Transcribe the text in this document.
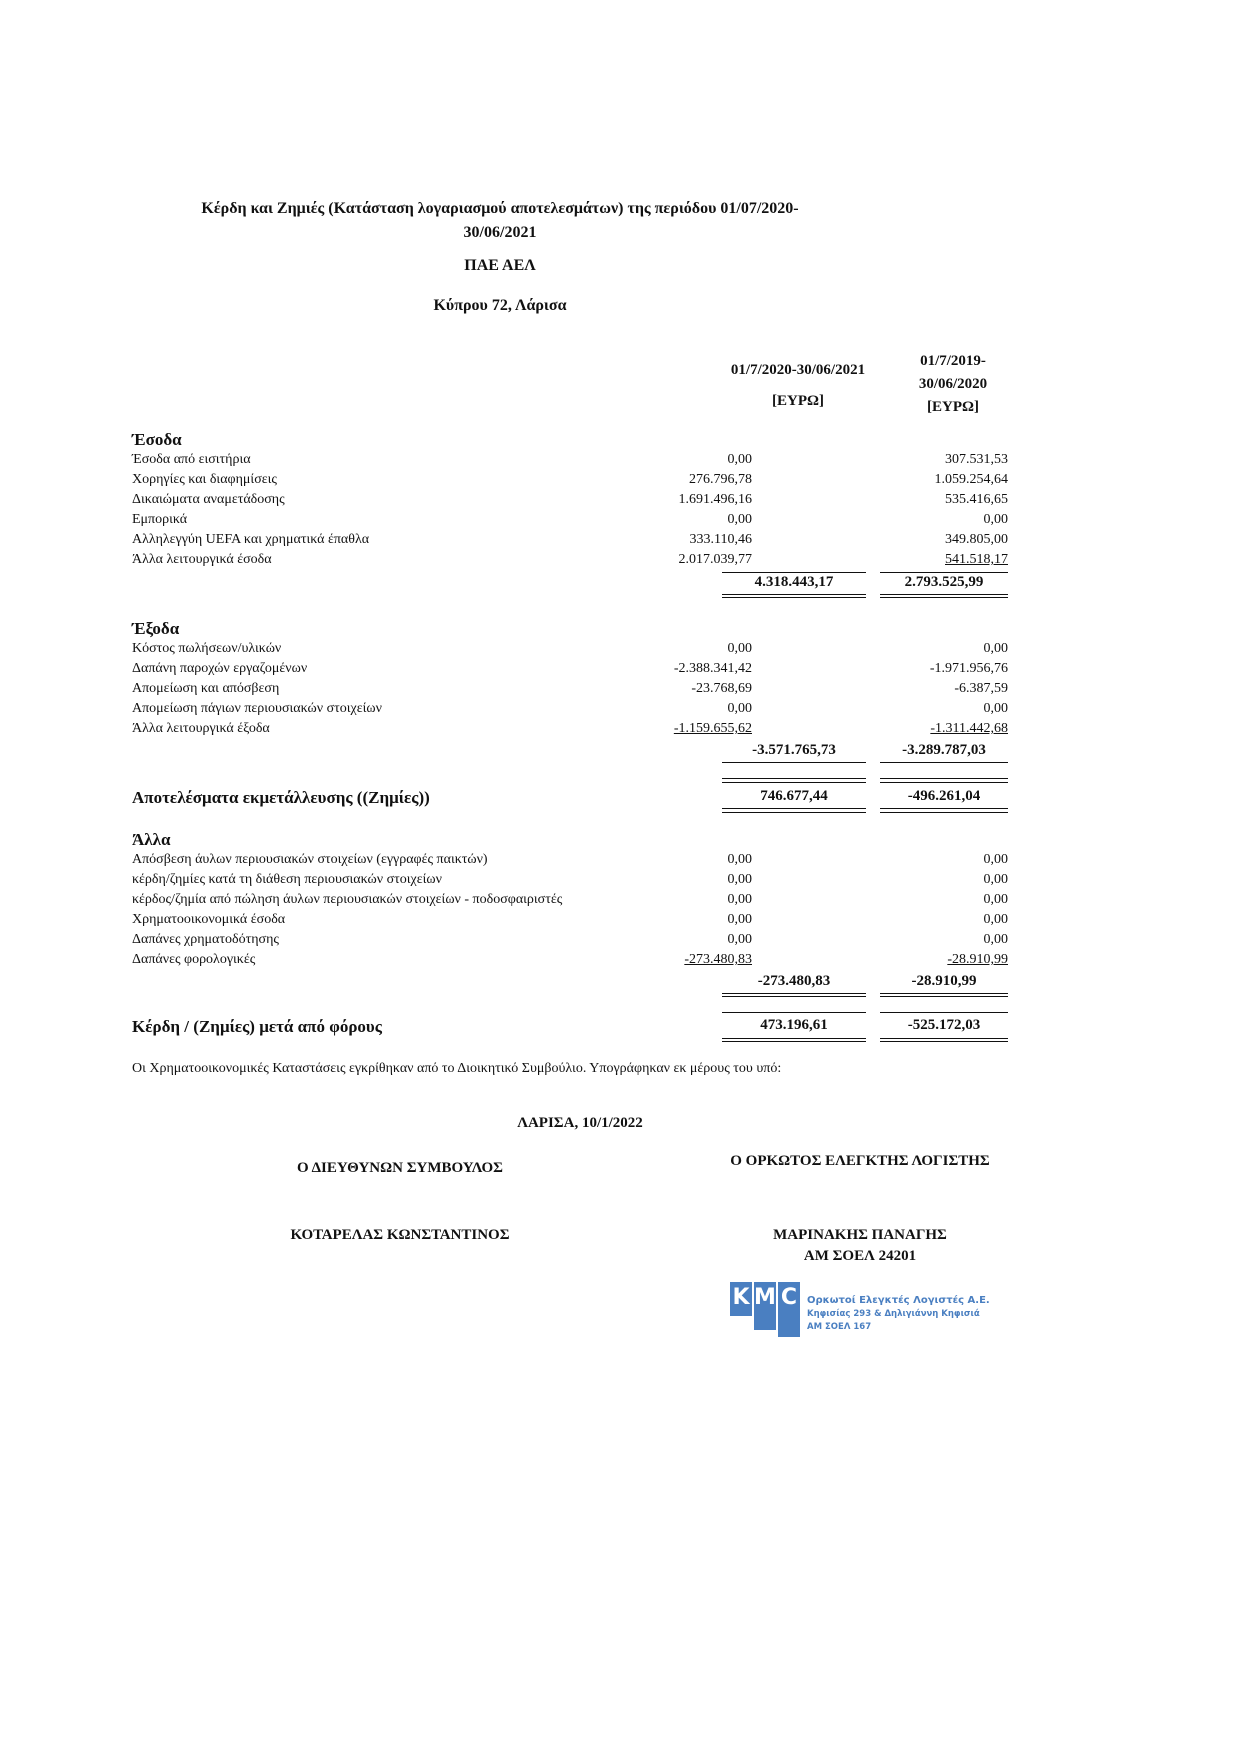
Κέρδη και Ζημιές (Κατάσταση λογαριασμού αποτελεσμάτων) της περιόδου 01/07/2020-
30/06/2021
ΠΑΕ ΑΕΛ
Κύπρου 72, Λάρισα
01/7/2020-30/06/2021
[ΕΥΡΩ]
01/7/2019-
30/06/2020
[ΕΥΡΩ]
Έσοδα
Έσοδα από εισιτήρια	0,00	307.531,53
Χορηγίες και διαφημίσεις	276.796,78	1.059.254,64
Δικαιώματα αναμετάδοσης	1.691.496,16	535.416,65
Εμπορικά	0,00	0,00
Αλληλεγγύη UEFA και χρηματικά έπαθλα	333.110,46	349.805,00
Άλλα λειτουργικά έσοδα	2.017.039,77	541.518,17
4.318.443,17	2.793.525,99
Έξοδα
Κόστος πωλήσεων/υλικών	0,00	0,00
Δαπάνη παροχών εργαζομένων	-2.388.341,42	-1.971.956,76
Απομείωση και απόσβεση	-23.768,69	-6.387,59
Απομείωση πάγιων περιουσιακών στοιχείων	0,00	0,00
Άλλα λειτουργικά έξοδα	-1.159.655,62	-1.311.442,68
-3.571.765,73	-3.289.787,03
Αποτελέσματα εκμετάλλευσης ((Ζημίες))	746.677,44	-496.261,04
Άλλα
Απόσβεση άυλων περιουσιακών στοιχείων (εγγραφές παικτών)	0,00	0,00
κέρδη/ζημίες κατά τη διάθεση περιουσιακών στοιχείων	0,00	0,00
κέρδος/ζημία από πώληση άυλων περιουσιακών στοιχείων - ποδοσφαιριστές	0,00	0,00
Χρηματοοικονομικά έσοδα	0,00	0,00
Δαπάνες χρηματοδότησης	0,00	0,00
Δαπάνες φορολογικές	-273.480,83	-28.910,99
-273.480,83	-28.910,99
Κέρδη / (Ζημίες) μετά από φόρους	473.196,61	-525.172,03
Οι Χρηματοοικονομικές Καταστάσεις εγκρίθηκαν από το Διοικητικό Συμβούλιο. Υπογράφηκαν εκ μέρους του υπό:
ΛΑΡΙΣΑ, 10/1/2022
Ο ΔΙΕΥΘΥΝΩΝ ΣΥΜΒΟΥΛΟΣ	Ο ΟΡΚΩΤΟΣ ΕΛΕΓΚΤΗΣ ΛΟΓΙΣΤΗΣ
ΚΟΤΑΡΕΛΑΣ ΚΩΝΣΤΑΝΤΙΝΟΣ	ΜΑΡΙΝΑΚΗΣ ΠΑΝΑΓΗΣ
ΑΜ ΣΟΕΛ 24201
K M C Ορκωτοί Ελεγκτές Λογιστές Α.Ε.
Κηφισίας 293 & Δηλιγιάννη Κηφισιά
ΑΜ ΣΟΕΛ 167
